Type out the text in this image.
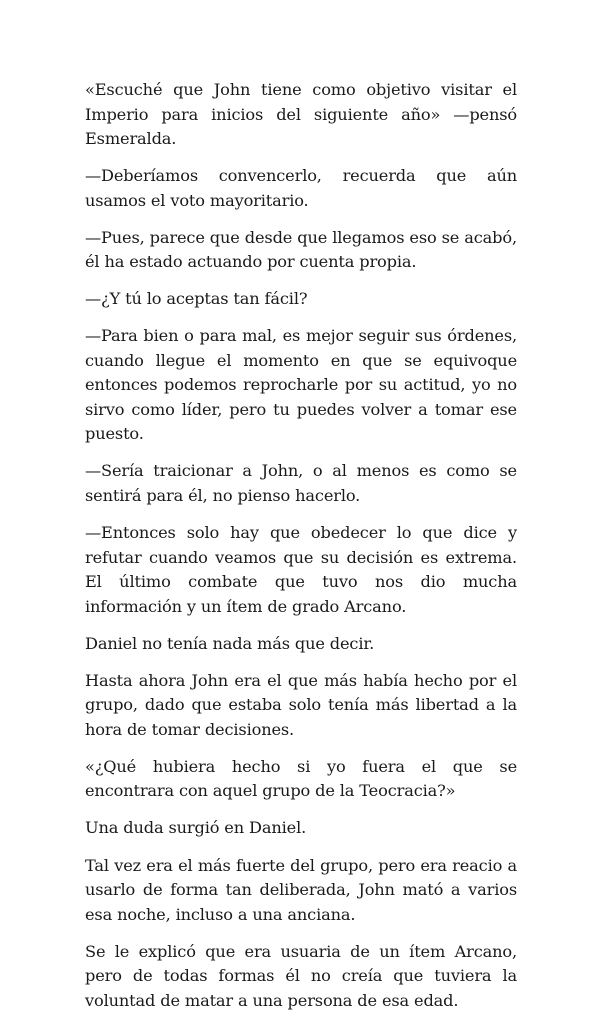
«Escuché que John tiene como objetivo visitar el Imperio para inicios del siguiente año» —pensó Esmeralda.

—Deberíamos convencerlo, recuerda que aún usamos el voto mayoritario.

—Pues, parece que desde que llegamos eso se acabó, él ha estado actuando por cuenta propia.

—¿Y tú lo aceptas tan fácil?

—Para bien o para mal, es mejor seguir sus órdenes, cuando llegue el momento en que se equivoque entonces podemos reprocharle por su actitud, yo no sirvo como líder, pero tu puedes volver a tomar ese puesto.

—Sería traicionar a John, o al menos es como se sentirá para él, no pienso hacerlo.

—Entonces solo hay que obedecer lo que dice y refutar cuando veamos que su decisión es extrema. El último combate que tuvo nos dio mucha información y un ítem de grado Arcano.

Daniel no tenía nada más que decir.

Hasta ahora John era el que más había hecho por el grupo, dado que estaba solo tenía más libertad a la hora de tomar decisiones.

«¿Qué hubiera hecho si yo fuera el que se encontrara con aquel grupo de la Teocracia?»

Una duda surgió en Daniel.

Tal vez era el más fuerte del grupo, pero era reacio a usarlo de forma tan deliberada, John mató a varios esa noche, incluso a una anciana.

Se le explicó que era usuaria de un ítem Arcano, pero de todas formas él no creía que tuviera la voluntad de matar a una persona de esa edad.
